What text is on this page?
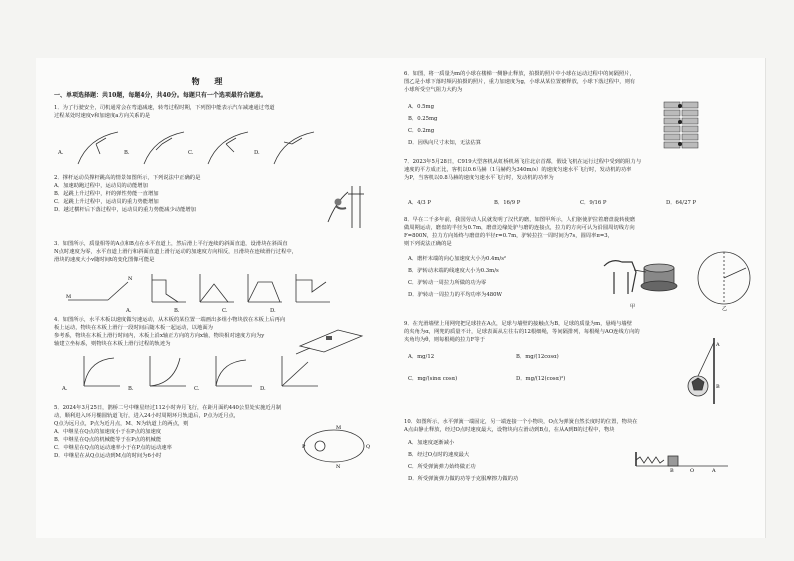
物 理
一、单项选择题：共10题，每题4分，共40分。每题只有一个选项最符合题意。
1．为了行驶安全，司机通常会在弯道减速，转弯过程时期，下列图中能表示汽车减速通过弯道
过程某处时速度v和加速度a方向关系的是
A.	B.	C.	D.
2．撑杆运动员撑杆跳高的情景如图所示，下列说法中正确的是
A．加速助跑过程中，运动员的动能增加
B．起跳上升过程中，杆的弹性势能一直增加
C．起跳上升过程中，运动员的重力势能增加
D．越过横杆后下落过程中，运动员的重力势能减少动能增加
3．如图所示，质量相等的A点和B点在水平直道上，然后滑上平行连续的斜面直道，设滑块在斜面直
N点时速度为零，水平直道上滑行和斜面直道上滑行运动的加速度方向相反，且滑块在连续滑行过程中，
滑块的速度大小v随时间t的变化图像可能是
M
N
A.	B.	C.	D.
4．如图所示，水平木板以速度做匀速运动，从木板的某位置一端画出多组小物块放在木板上后再向
板上运动，物块在木板上滑行一段时间后随木板一起运动，以地面为
参考系，物块在木板上滑行时间内，木板上沿x轴正方向的方向x轴，物块相对速度方向为y
轴建立坐标系，则物块在木板上滑行过程的轨迹为
A.	B.	C.	D.
5．2024年3月25日，鹊桥二号中继星经过112小时奔月飞行，在距月面约440公里处实施近月制
动，顺利进入环月椭圆轨道飞行，进入24小时周期环月轨道后，P点为近月点，
Q点为远月点，P点为近月点，M、N为轨道上的两点，则
A．中继星在Q点的加速度小于在P点的加速度
B．中继星在Q点的机械能等于在P点的机械能
C．中继星在Q点的运动速率小于在P点的运动速率
D．中继星在从Q点运动到M点的时间为6小时
P	Q
M
N
6．如图，将一质量为m的小球在楼梯一侧静止释放，拍摄的照片中小球在运动过程中的间隔照片，
图乙是小球下落时频闪拍摄的照片，重力加速度为g，小球从某位置被释放，小球下落过程中，则有
小球所受空气阻力大约为
A．0.5mg
B．0.25mg
C．0.2mg
D．因纵向尺寸未知，无法估算
7．2023年5月28日，C919大型客机从虹桥机场飞往北京首都，假设飞机在运行过程中受到的阻力与
速度的平方成正比，客机以0.6马赫（1马赫约为340m/s）的速度匀速水平飞行时，发动机的功率
为P，当客机以0.8马赫的速度匀速水平飞行时，发动机的功率为
A．4/3 P	B．16/9 P	C．9/16 P	D．64/27 P
8．早在二千多年前，我国劳动人民就发明了汉代的磨，如图甲所示，人们驱使驴拉着磨盘旋转使磨
做周期运动，磨盘的半径为0.7m，磨盘边缘处驴与磨的连接点，拉力的方向可认为沿圆周切线方向
F=800N，拉力方向始终与磨盘的半径r=0.7m，驴转拉拉一周时间为7s，圆周率π=3，
则下列说法正确的是
A．磨杆末端的向心加速度大小为0.4m/s²
B．驴转动末端的线速度大小为0.3m/s
C．驴转动一周拉力所做的功为零
D．驴转动一周拉力的平均功率为480W
甲	乙
9．在光滑墙壁上用网兜把足球挂在A点，足球与墙壁的接触点为B，足球的质量为m，悬绳与墙壁
的夹角为α，网兜的质量不计，足球表面从左往右的12根细绳，等间隔排列，每根绳与AO连线方向的
夹角均为θ，则每根绳的拉力F等于
A．mg/12	B．mg/(12cosα)
C．mg/(sinα cosα)	D．mg/(12(cosα)²)
A
B
10．如图所示，水平弹簧一端固定，另一端连接一个小物块，O点为弹簧自然长度时的位置，物块在
A点由静止释放，经过O点时速度最大，设物块向左滑动到B点，在从A到B的过程中，物块
A．加速度逐渐减小
B．经过O点时的速度最大
C．所受弹簧弹力始终做正功
D．所受弹簧弹力做的功等于克服摩擦力做的功
B	O	A
